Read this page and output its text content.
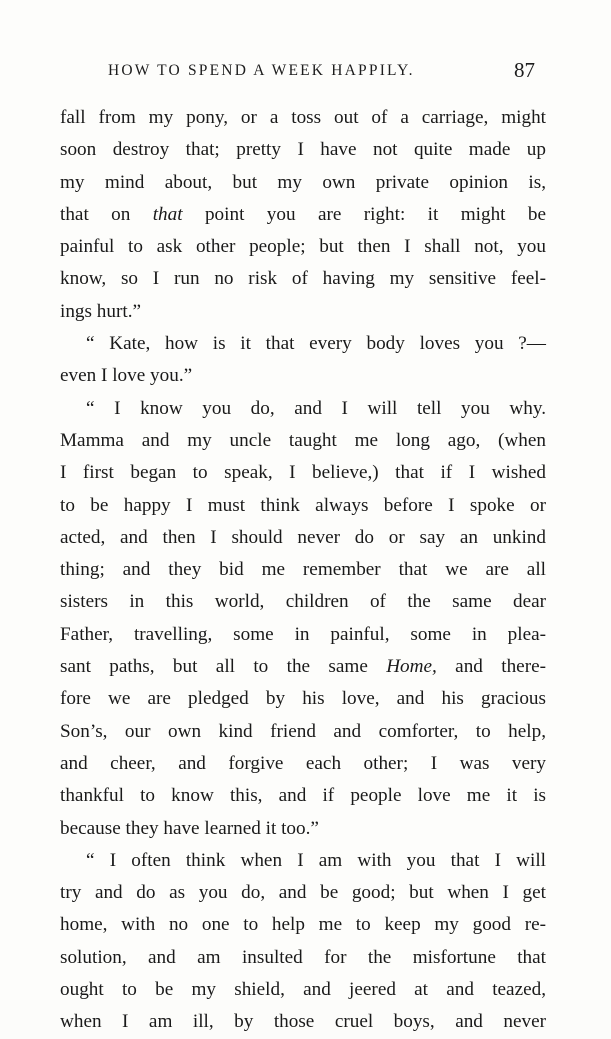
HOW TO SPEND A WEEK HAPPILY.	87
fall from my pony, or a toss out of a carriage, might
soon destroy that; pretty I have not quite made up
my mind about, but my own private opinion is,
that on that point you are right: it might be
painful to ask other people; but then I shall not, you
know, so I run no risk of having my sensitive feel-
ings hurt.”
“ Kate, how is it that every body loves you ?—
even I love you.”
“ I know you do, and I will tell you why.
Mamma and my uncle taught me long ago, (when
I first began to speak, I believe,) that if I wished
to be happy I must think always before I spoke or
acted, and then I should never do or say an unkind
thing; and they bid me remember that we are all
sisters in this world, children of the same dear
Father, travelling, some in painful, some in plea-
sant paths, but all to the same Home, and there-
fore we are pledged by his love, and his gracious
Son’s, our own kind friend and comforter, to help,
and cheer, and forgive each other; I was very
thankful to know this, and if people love me it is
because they have learned it too.”
“ I often think when I am with you that I will
try and do as you do, and be good; but when I get
home, with no one to help me to keep my good re-
solution, and am insulted for the misfortune that
ought to be my shield, and jeered at and teazed,
when I am ill, by those cruel boys, and never
